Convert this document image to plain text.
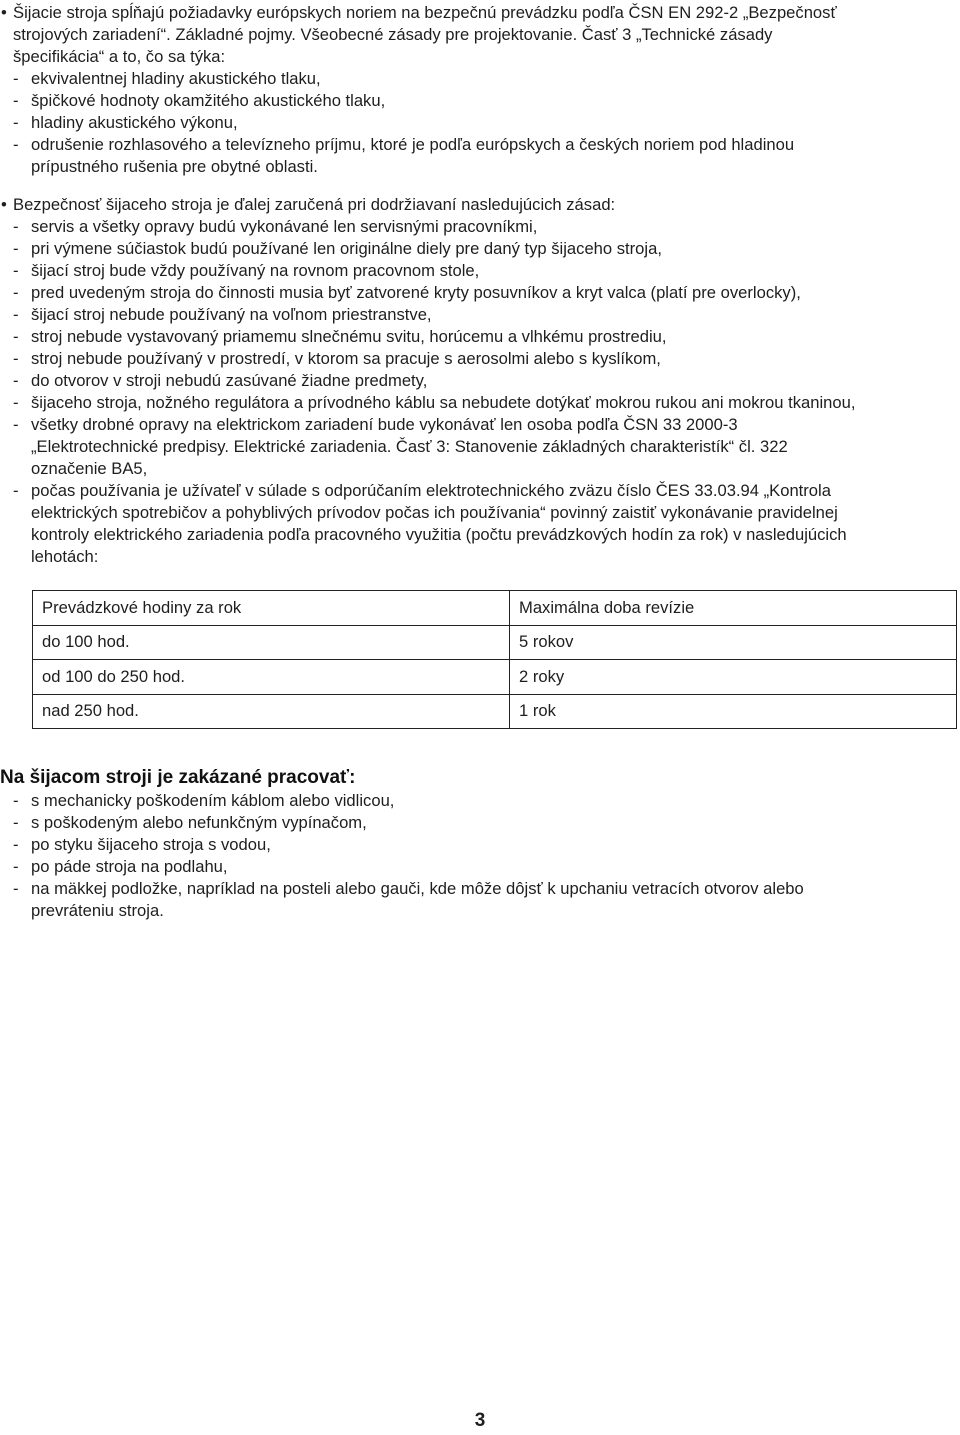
• Šijacie stroja spĺňajú požiadavky európskych noriem na bezpečnú prevádzku podľa ČSN EN 292-2 „Bezpečnosť
strojových zariadení“. Základné pojmy. Všeobecné zásady pre projektovanie. Časť 3 „Technické zásady
špecifikácia“ a to, čo sa týka:
- ekvivalentnej hladiny akustického tlaku,
- špičkové hodnoty okamžitého akustického tlaku,
- hladiny akustického výkonu,
- odrušenie rozhlasového a televízneho príjmu, ktoré je podľa európskych a českých noriem pod hladinou
prípustného rušenia pre obytné oblasti.
• Bezpečnosť šijaceho stroja je ďalej zaručená pri dodržiavaní nasledujúcich zásad:
- servis a všetky opravy budú vykonávané len servisnými pracovníkmi,
- pri výmene súčiastok budú používané len originálne diely pre daný typ šijaceho stroja,
- šijací stroj bude vždy používaný na rovnom pracovnom stole,
- pred uvedeným stroja do činnosti musia byť zatvorené kryty posuvníkov a kryt valca (platí pre overlocky),
- šijací stroj nebude používaný na voľnom priestranstve,
- stroj nebude vystavovaný priamemu slnečnému svitu, horúcemu a vlhkému prostrediu,
- stroj nebude používaný v prostredí, v ktorom sa pracuje s aerosolmi alebo s kyslíkom,
- do otvorov v stroji nebudú zasúvané žiadne predmety,
- šijaceho stroja, nožného regulátora a prívodného káblu sa nebudete dotýkať mokrou rukou ani mokrou tkaninou,
- všetky drobné opravy na elektrickom zariadení bude vykonávať len osoba podľa ČSN 33 2000-3
„Elektrotechnické predpisy. Elektrické zariadenia. Časť 3: Stanovenie základných charakteristík“ čl. 322
označenie BA5,
- počas používania je užívateľ v súlade s odporúčaním elektrotechnického zväzu číslo ČES 33.03.94 „Kontrola
elektrických spotrebičov a pohyblivých prívodov počas ich používania“ povinný zaistiť vykonávanie pravidelnej
kontroly elektrického zariadenia podľa pracovného využitia (počtu prevádzkových hodín za rok) v nasledujúcich
lehotách:
Prevádzkové hodiny za rok	Maximálna doba revízie
do 100 hod.	5 rokov
od 100 do 250 hod.	2 roky
nad 250 hod.	1 rok
Na šijacom stroji je zakázané pracovať:
- s mechanicky poškodením káblom alebo vidlicou,
- s poškodeným alebo nefunkčným vypínačom,
- po styku šijaceho stroja s vodou,
- po páde stroja na podlahu,
- na mäkkej podložke, napríklad na posteli alebo gauči, kde môže dôjsť k upchaniu vetracích otvorov alebo
prevráteniu stroja.
3
